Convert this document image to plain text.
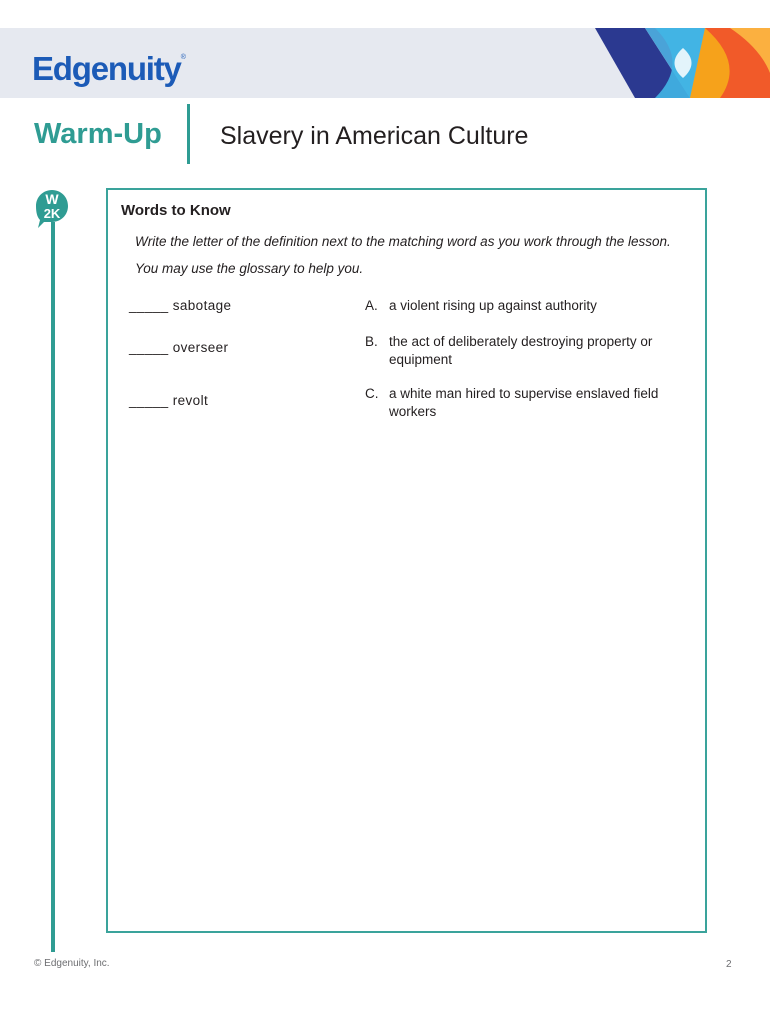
Edgenuity®
Warm-Up Slavery in American Culture
W
2K	Words to Know
Write the letter of the definition next to the matching word as you work through the lesson. You may use the glossary to help you.
_____ sabotage
_____ overseer
_____ revolt
A. a violent rising up against authority
B. the act of deliberately destroying property or equipment
C. a white man hired to supervise enslaved field workers
© Edgenuity, Inc.	2
